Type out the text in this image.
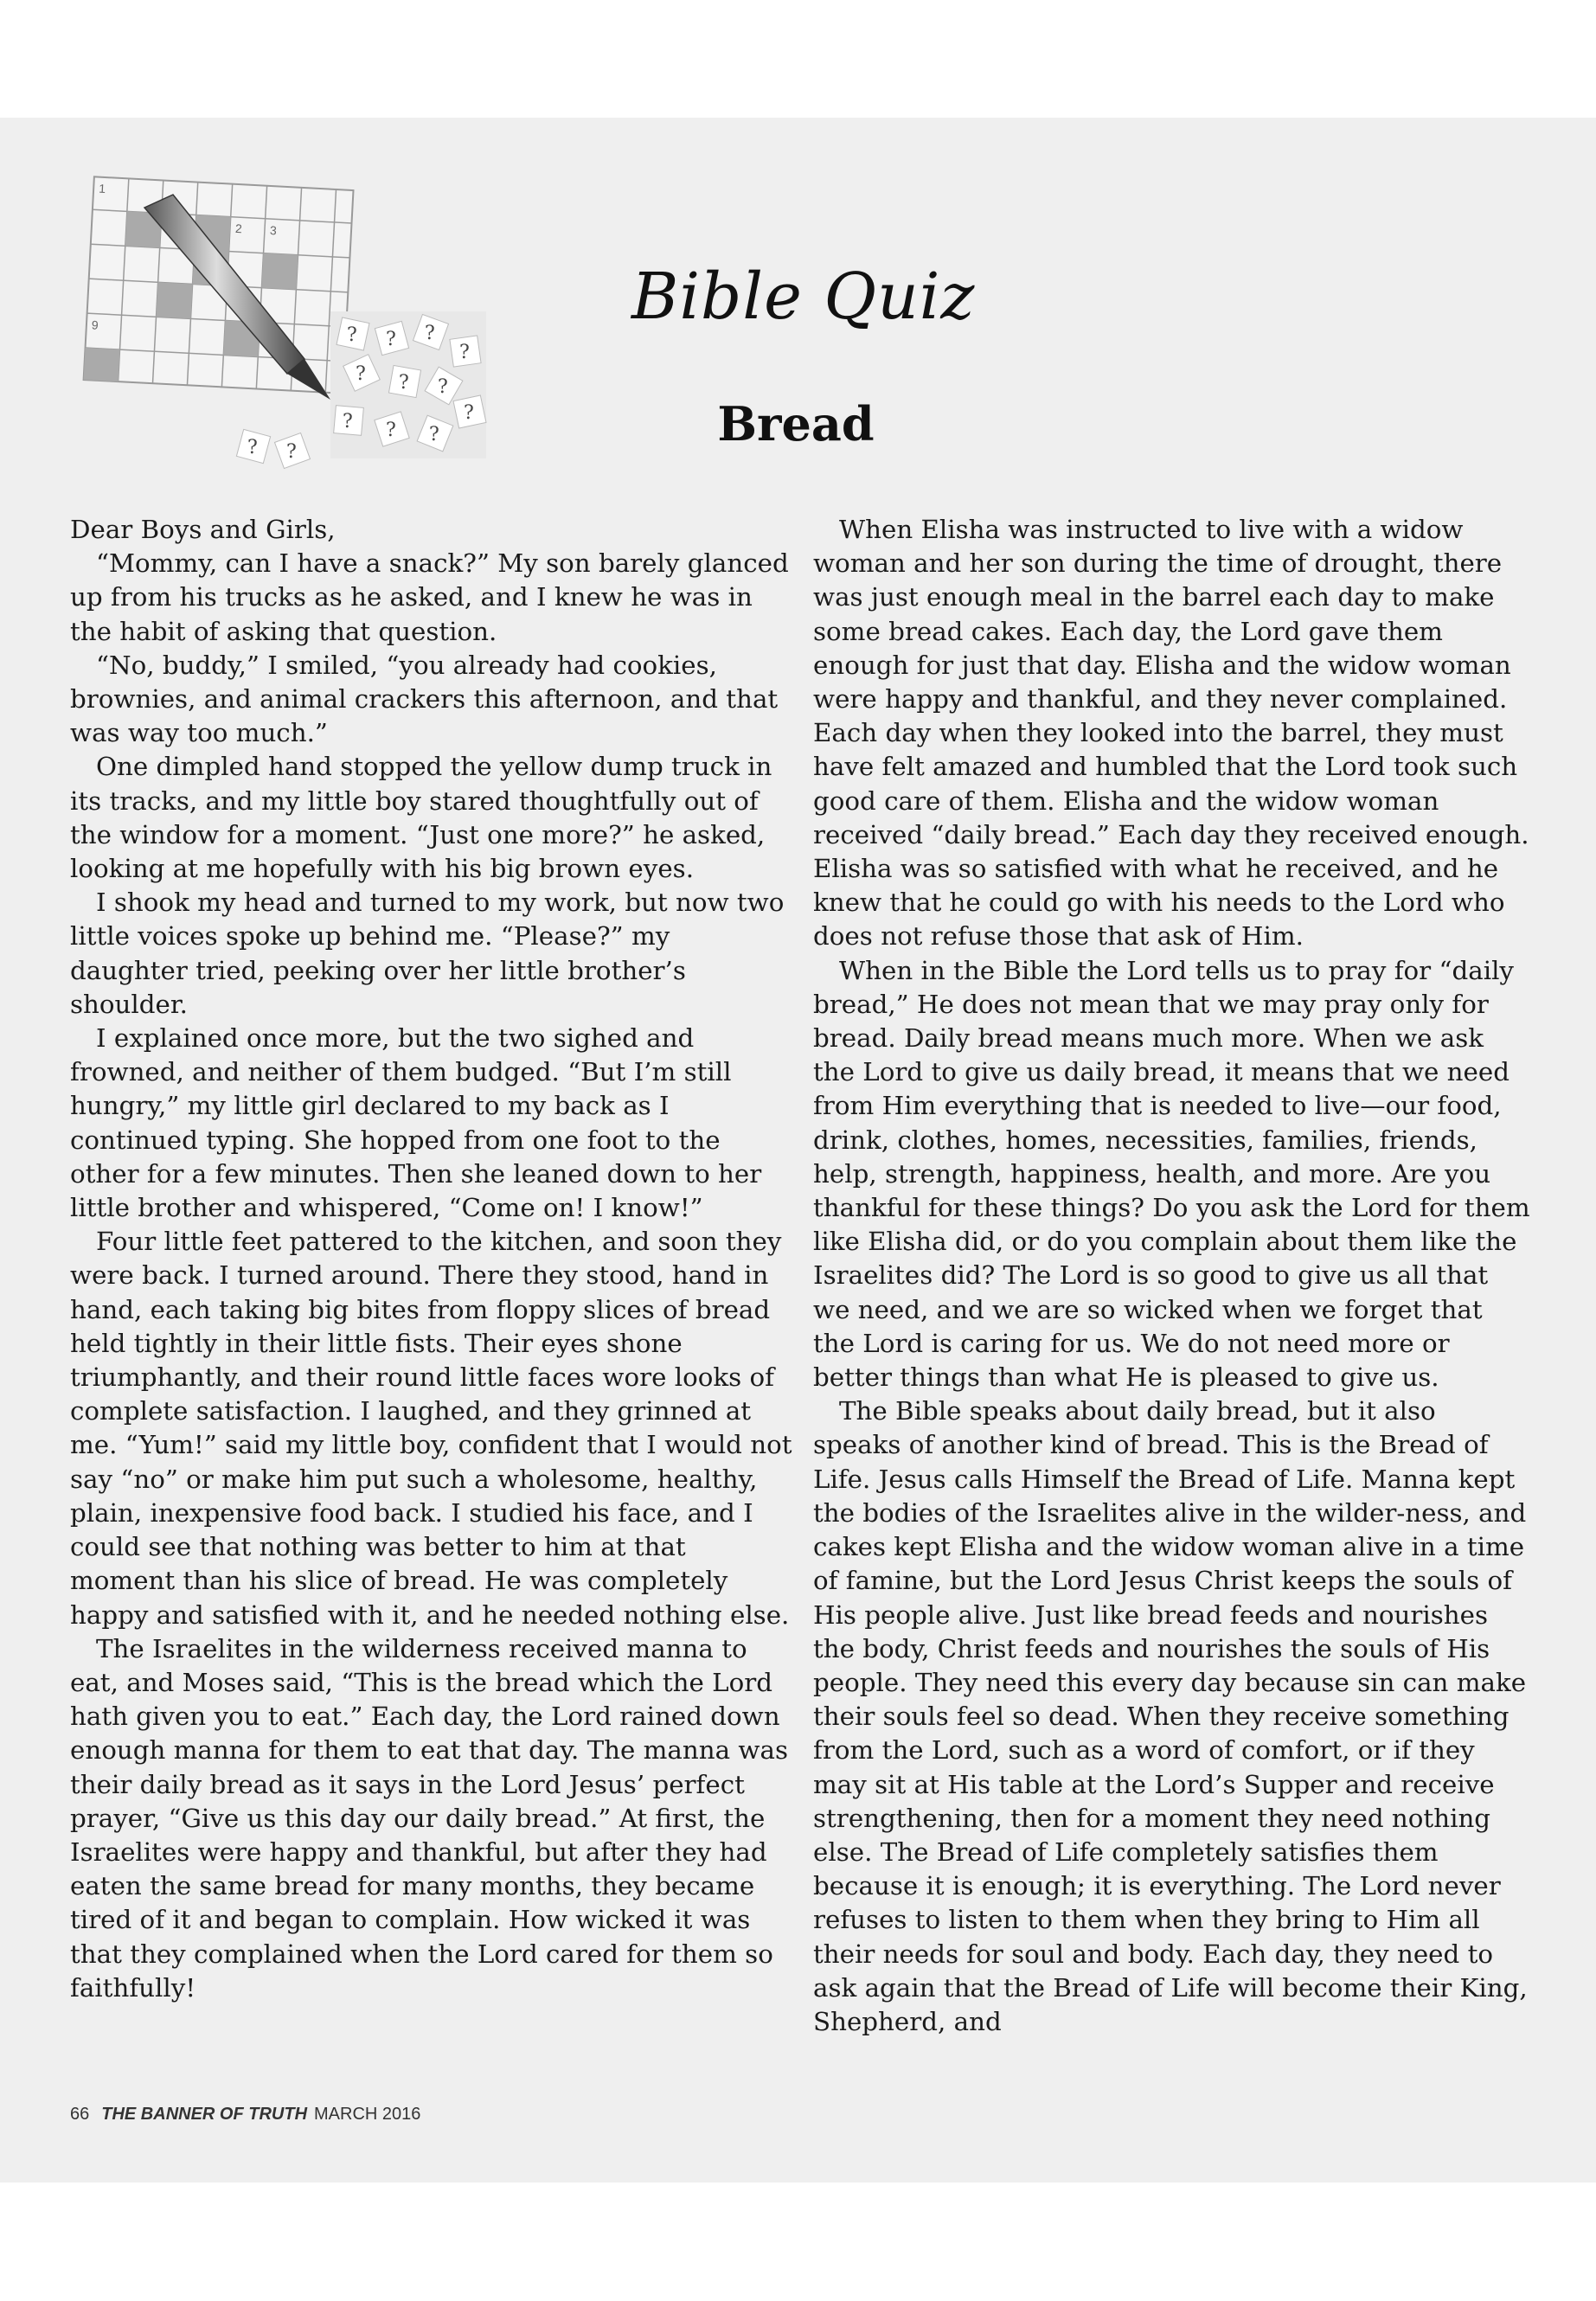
1
2 3
9	? ? ?
?
? ? ?
? ? ?
?
? ?
Bible Quiz
Bread

Dear Boys and Girls,

“Mommy, can I have a snack?” My son barely glanced up from his trucks as he asked, and I knew he was in the habit of asking that question.

“No, buddy,” I smiled, “you already had cookies, brownies, and animal crackers this afternoon, and that was way too much.”

One dimpled hand stopped the yellow dump truck in its tracks, and my little boy stared thoughtfully out of the window for a moment. “Just one more?” he asked, looking at me hopefully with his big brown eyes.

I shook my head and turned to my work, but now two little voices spoke up behind me. “Please?” my daughter tried, peeking over her little brother’s shoulder.

I explained once more, but the two sighed and frowned, and neither of them budged. “But I’m still hungry,” my little girl declared to my back as I continued typing. She hopped from one foot to the other for a few minutes. Then she leaned down to her little brother and whispered, “Come on! I know!”

Four little feet pattered to the kitchen, and soon they were back. I turned around. There they stood, hand in hand, each taking big bites from floppy slices of bread held tightly in their little fists. Their eyes shone triumphantly, and their round little faces wore looks of complete satisfaction. I laughed, and they grinned at me. “Yum!” said my little boy, confident that I would not say “no” or make him put such a wholesome, healthy, plain, inexpensive food back. I studied his face, and I could see that nothing was better to him at that moment than his slice of bread. He was completely happy and satisfied with it, and he needed nothing else.

The Israelites in the wilderness received manna to eat, and Moses said, “This is the bread which the Lord hath given you to eat.” Each day, the Lord rained down enough manna for them to eat that day. The manna was their daily bread as it says in the Lord Jesus’ perfect prayer, “Give us this day our daily bread.” At first, the Israelites were happy and thankful, but after they had eaten the same bread for many months, they became tired of it and began to complain. How wicked it was that they complained when the Lord cared for them so faithfully!

When Elisha was instructed to live with a widow woman and her son during the time of drought, there was just enough meal in the barrel each day to make some bread cakes. Each day, the Lord gave them enough for just that day. Elisha and the widow woman were happy and thankful, and they never complained. Each day when they looked into the barrel, they must have felt amazed and humbled that the Lord took such good care of them. Elisha and the widow woman received “daily bread.” Each day they received enough. Elisha was so satisfied with what he received, and he knew that he could go with his needs to the Lord who does not refuse those that ask of Him.

When in the Bible the Lord tells us to pray for “daily bread,” He does not mean that we may pray only for bread. Daily bread means much more. When we ask the Lord to give us daily bread, it means that we need from Him everything that is needed to live—our food, drink, clothes, homes, necessities, families, friends, help, strength, happiness, health, and more. Are you thankful for these things? Do you ask the Lord for them like Elisha did, or do you complain about them like the Israelites did? The Lord is so good to give us all that we need, and we are so wicked when we forget that the Lord is caring for us. We do not need more or better things than what He is pleased to give us.

The Bible speaks about daily bread, but it also speaks of another kind of bread. This is the Bread of Life. Jesus calls Himself the Bread of Life. Manna kept the bodies of the Israelites alive in the wilder-ness, and cakes kept Elisha and the widow woman alive in a time of famine, but the Lord Jesus Christ keeps the souls of His people alive. Just like bread feeds and nourishes the body, Christ feeds and nourishes the souls of His people. They need this every day because sin can make their souls feel so dead. When they receive something from the Lord, such as a word of comfort, or if they may sit at His table at the Lord’s Supper and receive strengthening, then for a moment they need nothing else. The Bread of Life completely satisfies them because it is enough; it is everything. The Lord never refuses to listen to them when they bring to Him all their needs for soul and body. Each day, they need to ask again that the Bread of Life will become their King, Shepherd, and

66 THE BANNER OF TRUTH MARCH 2016
